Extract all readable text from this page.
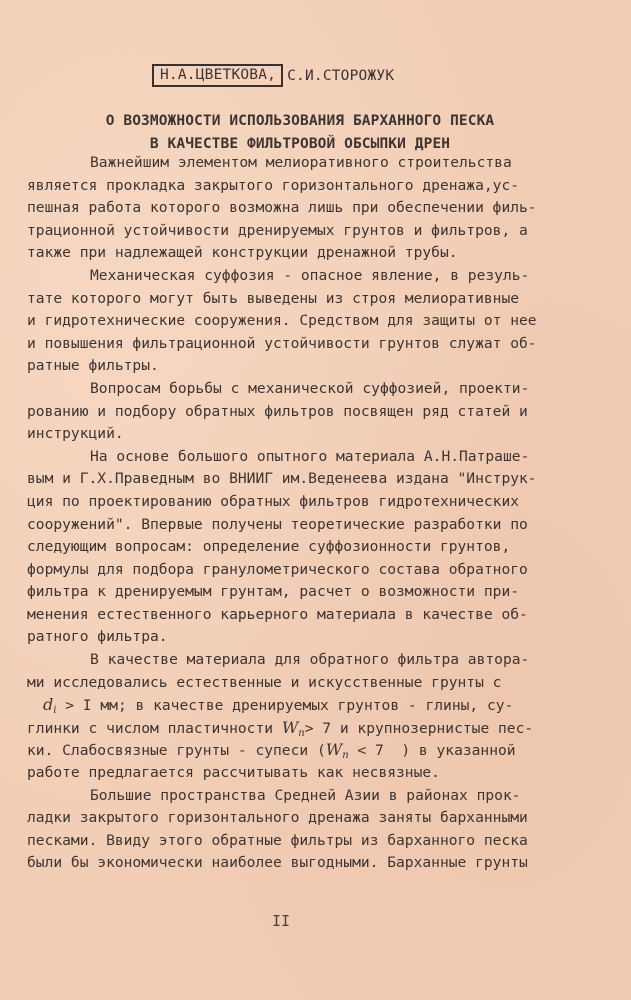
Н.А.ЦВЕТКОВА, С.И.СТОРОЖУК
О ВОЗМОЖНОСТИ ИСПОЛЬЗОВАНИЯ БАРХАННОГО ПЕСКА
В КАЧЕСТВЕ ФИЛЬТРОВОЙ ОБСЫПКИ ДРЕН
Важнейшим элементом мелиоративного строительства
является прокладка закрытого горизонтального дренажа,ус-
пешная работа которого возможна лишь при обеспечении филь-
трационной устойчивости дренируемых грунтов и фильтров, а
также при надлежащей конструкции дренажной трубы.
Механическая суффозия - опасное явление, в резуль-
тате которого могут быть выведены из строя мелиоративные
и гидротехнические сооружения. Средством для защиты от нее
и повышения фильтрационной устойчивости грунтов служат об-
ратные фильтры.
Вопросам борьбы с механической суффозией, проекти-
рованию и подбору обратных фильтров посвящен ряд статей и
инструкций.
На основе большого опытного материала А.Н.Патраше-
вым и Г.Х.Праведным во ВНИИГ им.Веденеева издана "Инструк-
ция по проектированию обратных фильтров гидротехнических
сооружений". Впервые получены теоретические разработки по
следующим вопросам: определение суффозионности грунтов,
формулы для подбора гранулометрического состава обратного
фильтра к дренируемым грунтам, расчет о возможности при-
менения естественного карьерного материала в качестве об-
ратного фильтра.
В качестве материала для обратного фильтра автора-
ми исследовались естественные и искусственные грунты с
$d_i > I$ мм; в качестве дренируемых грунтов - глины, су-
глинки с числом пластичности $W_п> 7$ и крупнозернистые пес-
ки. Слабосвязные грунты - супеси ($W_п < 7$  ) в указанной
работе предлагается рассчитывать как несвязные.
Большие пространства Средней Азии в районах прок-
ладки закрытого горизонтального дренажа заняты барханными
песками. Ввиду этого обратные фильтры из барханного песка
были бы экономически наиболее выгодными. Барханные грунты
II
